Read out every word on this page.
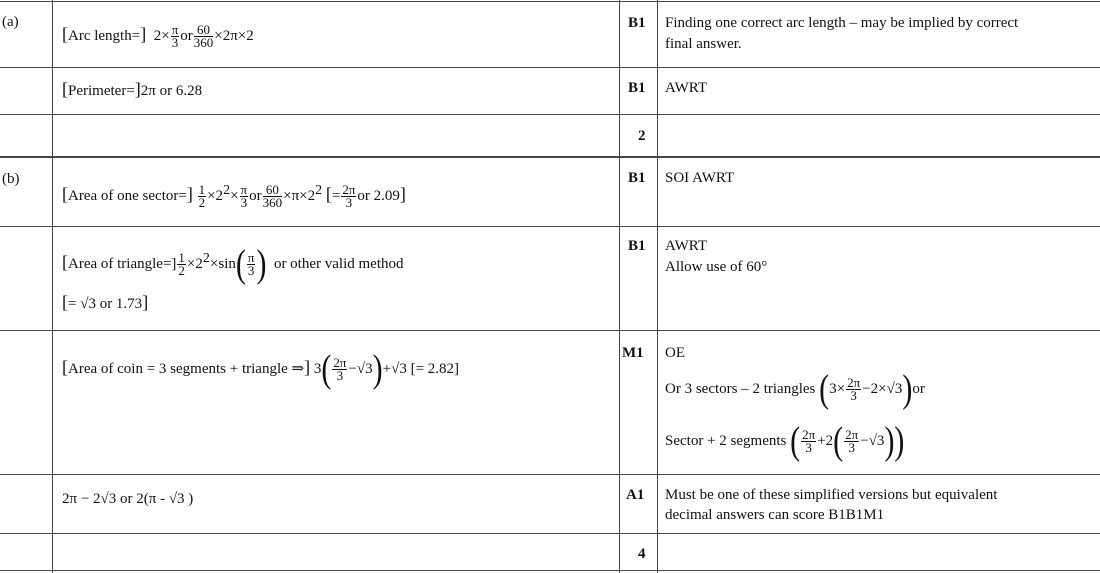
(a)
(b)
[Arc length=] $2\times \frac{\pi}{3}$ or $\frac{60}{360} \times 2\pi\times 2$
B1 Finding one correct arc length – may be implied by correct
final answer.
[Perimeter=]2π or 6.28	B1 AWRT
2
[Area of one sector=] $\frac{1}{2} \times 2^2\times \frac{\pi}{3}$ or $\frac{60}{360} \times\pi\times 2^2$ [= $\frac{2\pi}{3}$ or 2.09]
B1 SOI AWRT
[Area of triangle=] $\frac{1}{2} \times 2^2\times\sin( \frac{\pi}{3}$ ) or other valid method
[= √3 or 1.73]
B1 AWRT
Allow use of 60°
[Area of coin = 3 segments + triangle ⇒] $3( \frac{2\pi}{3} -√3)+√3$ [= 2.82]
M1 OE
Or 3 sectors – 2 triangles $(3\times \frac{2\pi}{3} -2\times√3)or$
Sector + 2 segments ( $\frac{2\pi}{3} +2( \frac{2\pi}{3} -√3)$)
2π − 2√3 or 2(π - √3 )	A1 Must be one of these simplified versions but equivalent
decimal answers can score B1B1M1
4
